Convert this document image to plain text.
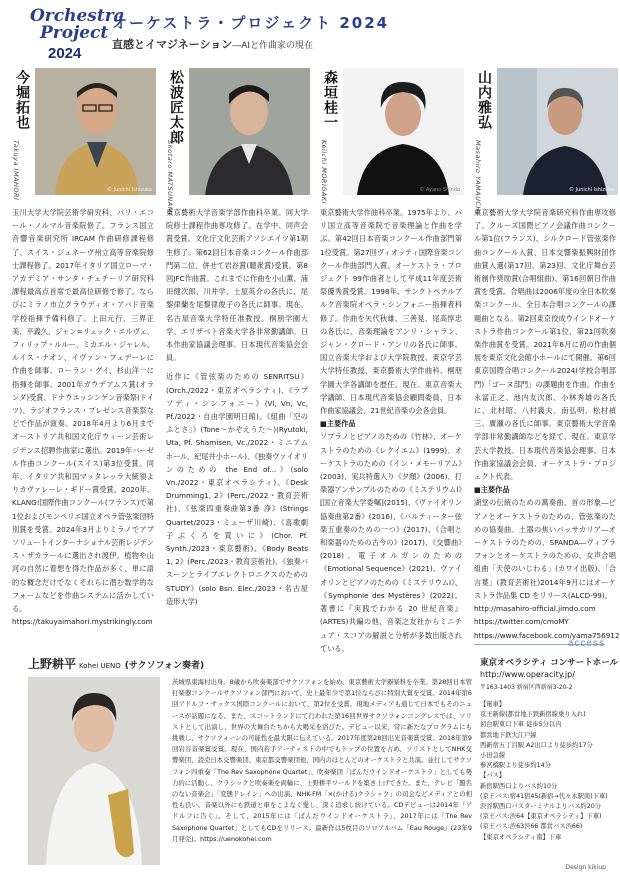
Orchestra
Project
2024
オーケストラ・プロジェクト 2024
直感とイマジネーション―AIと作曲家の現在
今堀拓也
Takuya IMAHORI	© Junichi Ishizuka

玉川大学大学院芸術学研究科、パリ・エコール・ノルマル音楽院修了。フランス国立音響音楽研究所 IRCAM 作曲研修課程修了、スイス・ジュネーヴ州立高等音楽院修士課程修了。2017年イタリア国立ローマ・アカデミア・サンタ・チェチーリア研究科課程最高点首席で最高位研修で修了。ならびにミラノ市立クラウディオ・アバド音楽学校指揮予備科修了。上田元行、三界正美、平義久、ジャン=リュック・エルヴェ、フィリップ・ルルー、ミカエル・ジャレル、ルイス・ナオン、イヴァン・フェデーレに作曲を師事。ローラン・グイ、杉山洋一に指揮を師事。2001年ガウデアムス賞(オランダ)受賞、ドナウエッシンゲン音楽祭(ドイツ)、ラジオフランス・プレゼンス音楽祭などで作品が演奏。2018年4月より6月までオーストリア共和国文化庁ウィーン芸術レジデンス招聘作曲家に選出。2019年バーゼル作曲コンクール(スイス)第3位受賞。同年、イタリア共和国マッタレッラ大統領よりカヴァレーレ・ギドー賞受賞。2020年、KLANG!国際作曲コンクール(フランス)で第1位およびモンペリエ国立オペラ管弦楽団特別賞を受賞。2024年3月よりミラノでアブソリュートインターナショナル芸術レジデンス・ザカラールに選出され渡伊。植物や山河の自然に着想を得た作品が多く、単に語的な概念だけでなくそれらに潜む数学的なフォームなどを作曲システムに活かしている。

https://takuyaimahori.mystrikingly.com

松波匠太郎
Shotaro MATSUNAMI

東京藝術大学音楽学部作曲科卒業、同大学院修士課程作曲専攻修了。在学中、同声会賞受賞。文化庁文化芸術アソシエイツ第1期生修了。第62回日本音楽コンクール作曲部門第二位、併せて岩谷賞(聴衆賞)受賞。第8回JFC作曲賞。これまでに作曲を小山薫、浦田健次郎、川井学、土屋英介の各氏に、尾黎律蘭を尾黎律俊子の各氏に師事。現在、名古屋音楽大学特任准教授。桐朋学園大学、エリザベト音楽大学各非常勤講師。日本作曲家協議会理事。日本現代音楽協会会員。

近作に《管弦楽のための SENRITSU》(Orch./2022・東京オペラシティ)、《ラプソディ・シンフォニー》(Vl, Vn, Vc, Pf./2022・自由学園明日館)、《組曲「空のふとさ」》(Tone～かぞえうた～)(Ryutoki, Uta, Pf. Shamisen, Vc./2022・ミニアムホール、紀尾井小ホール)、《独奏ヴァイオリンのための the End of...》(solo Vn./2022・東京オペラシティ)、《Desk Drumming1, 2》(Perc./2022・教育芸術社)、《弦楽四重奏曲第3番 浄》(Strings Quartet/2023・ミューザ川崎)、《喜歌劇 子ぶくろを買いに》(Chor. Pf. Synth./2023・東京藝術)、《Body Beats 1, 2》(Perc./2023・教育芸術社)、《独奏バスーンとライブエレクトロニクスのための STUDY》(solo Bsn. Elec./2023・名古屋造形大学)

森垣桂一
Keiichi MORIGAKI	© Ayano Shindo

東京藝術大学作曲科卒業。1975年より、パリ国立高等音楽院で音楽理論と作曲を学ぶ。第42回日本音楽コンクール作曲部門第1位受賞。第27回ヴィオッティ国際音楽コンクール作曲部門入賞。オーケストラ・プロジェクト 99作曲者として平成11年度芸術祭優秀賞受賞。1998年、サンクトペテルブルク音楽院オペラ・シンフォニー指揮者科修了。作曲を矢代秋雄、三善晃、尾高惇忠の各氏に、音楽理論をアンリ・シャラン、ジャン・クロード・アンリの各氏に師事。国立音楽大学および大学院教授、東京学芸大学特任教授、東京藝術大学作曲科、桐朋学園大学各講師を歴任。現在、東京音楽大学講師、日本現代音楽協会顧問委員、日本作曲家協議会、21世紀音楽の会各会員。

■主要作品

ソプラノとピアノのための《竹林》、オーケストラのための《レクイエム》(1999)、オーケストラのための《イン・メモーリアム》(2003)、実兵特選入り《夕顔》(2006)、打楽器アンサンブルのための《ミステリウムⅠ》[国立音楽大学委嘱](2015)、《ヴァイオリン協奏曲第2番》(2016)、《バルティーター弦楽五重奏のための一つ》(2017)、《合唱と和楽器のための古今の》(2017)、《交響曲》(2018)、電子オルガンのための《Emotional Sequence》(2021)、ヴァイオリンとピアノのための《ミステリウムⅠ》、《Symphonie des Mystères》(2022)。著書に『実践でわかる 20 世紀音楽』(ARTES)共編の他、音楽之友社からミニチュア・スコアの解説と分析が多数出版されている。

山内雅弘
Masahiro YAMAUCHI	© Junichi Ishizuka

東京藝術大学大学院音楽研究科作曲専攻修了。クルーズ国際ピアノ会議作曲コンクール第1位(フランス)、シルクロード管弦楽作曲コンクール入賞、日本交響楽振興財団作曲賞入選(第17回、第23回、文化庁舞台芸術創作奨励賞(合唱組曲)、第16回朝日作曲賞を受賞。合唱曲は2006年度の全日本吹奏楽コンクール、全日本合唱コンクールの課題曲となる。第2回東京佼成ウインドオーケストラ作曲コンクール第1位、第21回吹奏楽作曲賞を受賞。2021年6月に初の作曲個展を東京文化会館小ホールにて開催。第6回東京国際合唱コンクール2024(学校合唱部門)「ゴーヌ部門」の課題曲を作曲。作曲を永冨正之、池内友次郎、小林秀雄の各氏に、北村昭、八村義夫、南弘明、松村禎三、廣瀬の各氏に師事。東京藝術大学音楽学部非常勤講師などを経て、現在、東京学芸大学教授。日本現代音楽協会理事、日本作曲家協議会会員、オーケストラ・プロジェクト代表。

■主要作品

湖堂の伝統のための萬奏曲、首の形象―ピアノとオーケストラのための、管弦楽のための協奏曲、土器の焦いパッサカリア―オーケストラのための、SPANDA―ヴィブラフォンとオーケストラのための、女声合唱組曲「天使のいじわる」(カワイ出版)、「合言葉」(教育芸術社)2014年9月にはオーケストラ作品集 CD をリリース(ALCD-99)。

http://masahiro-official.jimdo.com

https://twitter.com/cmoMY

https://www.facebook.com/yama756912

上野耕平 Kohei UENO (サクソフォン奏者)
茨城県東海村出身。8歳から吹奏楽部でサクソフォンを始め、東京藝術大学器楽科を卒業。第28回日本管打楽器コンクールサクソフォン部門において、史上最年少で第1位ならびに特別大賞を受賞。2014年第6回アドルフ・サックス国際コンクールにおいて、第2位を受賞。現地メディアも通じて日本でもそのニュースが話題になる。また、スコットランドにて行われた第16回世界サクソフォンコングレスでは、ソリストとして出演し、世界の大舞台たちから大喝采を浴びた。デビュー以来、常に新たなプログラムにも挑戦し、サクソフォーンの可能性を最大限に伝えている。2017年度第28回出光音楽賞受賞。2018年第9回岩谷音楽賞受賞。現在、国内若手アーティストの中でもトップの位置を占め、ソリストとしてNHK交響楽団、読売日本交響楽団、東京都交響楽団他、国内のほとんどのオーケストラと共演。並行してサクソフォン四重奏「The Rev Saxophone Quartet」、吹奏楽団「ぱんだウインドオーケストラ」としても勢力的に活動し、クラシックと吹奏楽を両輪に、上野耕平ワールドを築き上げてきた。また、テレビ「題名のない音楽会」「変態ドレイン」への出演、NHK-FM「×(かける)クラシック」の司会などメディアとの相性も良い。音楽以外にも鉄道と車をこよなく愛し、深く追求し続けている。CDデビューは2014年「アドルフに告ぐ」。そして、2015年には「ぱんだウインドオーケストラ」、2017年には「The Rev Saxophone Quartet」としてもCDをリリース。最新作は5枚目のソロアルバム「Eau Rouge」(23年9月発売)。https://uenokohei.com
access
東京オペラシティ コンサートホール
http://www.operacity.jp/
〒163-1403 新宿区西新宿3-20-2
【電車】
京王新線(都営地下鉄新宿線乗り入れ)
初台駅東口下車 徒歩5分以内
都営地下鉄大江戸線
西新宿五丁目駅 A2出口より徒歩約17分
小田急線
参宮橋駅より徒歩約14分
【バス】
新宿駅西口よりバス約10分
(京王バス:宿41宿45(新宿→代々木駅南)下車)
渋谷駅西口バスターミナルよりバス約20分
(京王バス:渋64【東京オペラシティ】下車)
(京王バス:渋63渋66 都営バス渋66)
【東京オペラシティ南】下車
Design kikiup
